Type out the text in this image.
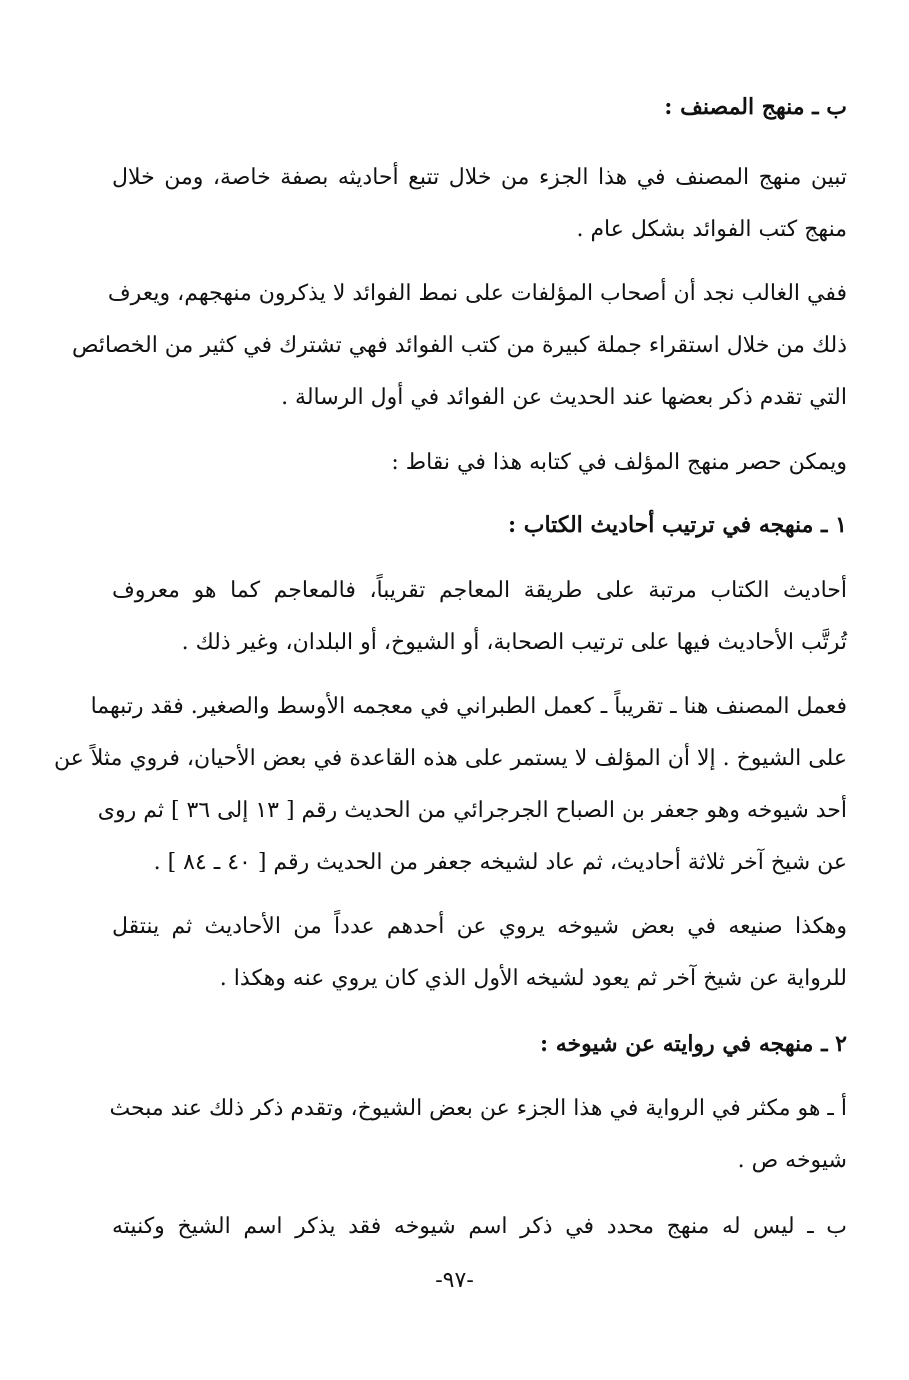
ب ـ منهج المصنف :
تبين منهج المصنف في هذا الجزء من خلال تتبع أحاديثه بصفة خاصة، ومن خلال
منهج كتب الفوائد بشكل عام .
ففي الغالب نجد أن أصحاب المؤلفات على نمط الفوائد لا يذكرون منهجهم، ويعرف
ذلك من خلال استقراء جملة كبيرة من كتب الفوائد فهي تشترك في كثير من الخصائص
التي تقدم ذكر بعضها عند الحديث عن الفوائد في أول الرسالة .
ويمكن حصر منهج المؤلف في كتابه هذا في نقاط :
١ ـ منهجه في ترتيب أحاديث الكتاب :
أحاديث الكتاب مرتبة على طريقة المعاجم تقريباً، فالمعاجم كما هو معروف
تُرتَّب الأحاديث فيها على ترتيب الصحابة، أو الشيوخ، أو البلدان، وغير ذلك .
فعمل المصنف هنا ـ تقريباً ـ كعمل الطبراني في معجمه الأوسط والصغير. فقد رتبهما
على الشيوخ . إلا أن المؤلف لا يستمر على هذه القاعدة في بعض الأحيان، فروي مثلاً عن
أحد شيوخه وهو جعفر بن الصباح الجرجرائي من الحديث رقم [ ١٣ إلى ٣٦ ] ثم روى
عن شيخ آخر ثلاثة أحاديث، ثم عاد لشيخه جعفر من الحديث رقم [ ٤٠ ـ ٨٤ ] .
وهكذا صنيعه في بعض شيوخه يروي عن أحدهم عدداً من الأحاديث ثم ينتقل
للرواية عن شيخ آخر ثم يعود لشيخه الأول الذي كان يروي عنه وهكذا .
٢ ـ منهجه في روايته عن شيوخه :
أ ـ هو مكثر في الرواية في هذا الجزء عن بعض الشيوخ، وتقدم ذكر ذلك عند مبحث
شيوخه ص .
ب ـ ليس له منهج محدد في ذكر اسم شيوخه فقد يذكر اسم الشيخ وكنيته
-٩٧-
